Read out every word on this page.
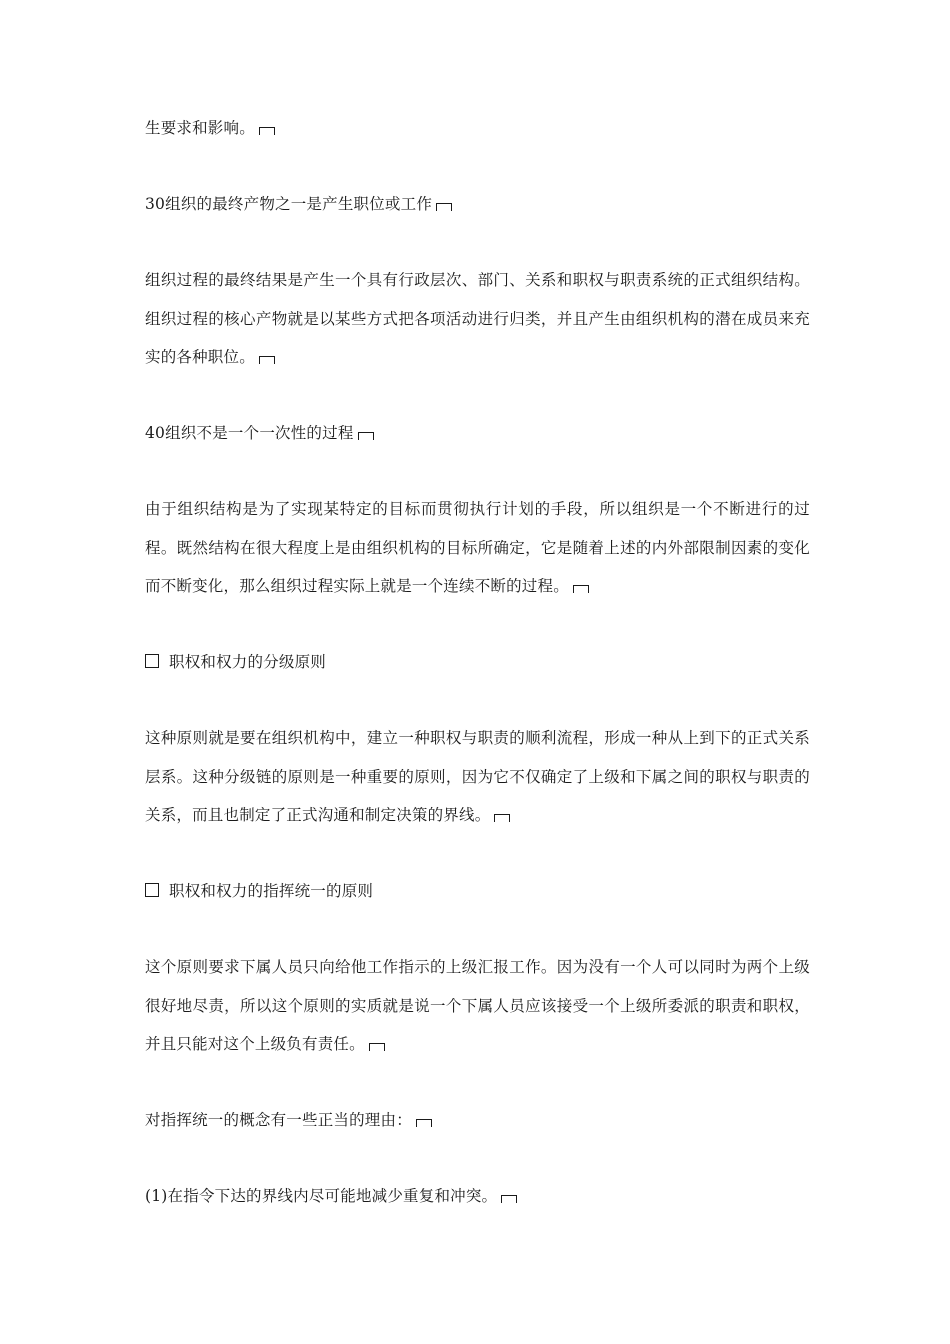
生要求和影响。

30组织的最终产物之一是产生职位或工作

组织过程的最终结果是产生一个具有行政层次、部门、关系和职权与职责系统的正式组织结构。组织过程的核心产物就是以某些方式把各项活动进行归类，并且产生由组织机构的潜在成员来充实的各种职位。

40组织不是一个一次性的过程

由于组织结构是为了实现某特定的目标而贯彻执行计划的手段，所以组织是一个不断进行的过程。既然结构在很大程度上是由组织机构的目标所确定，它是随着上述的内外部限制因素的变化而不断变化，那么组织过程实际上就是一个连续不断的过程。

职权和权力的分级原则

这种原则就是要在组织机构中，建立一种职权与职责的顺利流程，形成一种从上到下的正式关系层系。这种分级链的原则是一种重要的原则，因为它不仅确定了上级和下属之间的职权与职责的关系，而且也制定了正式沟通和制定决策的界线。

职权和权力的指挥统一的原则

这个原则要求下属人员只向给他工作指示的上级汇报工作。因为没有一个人可以同时为两个上级很好地尽责，所以这个原则的实质就是说一个下属人员应该接受一个上级所委派的职责和职权，并且只能对这个上级负有责任。

对指挥统一的概念有一些正当的理由：

(1)在指令下达的界线内尽可能地减少重复和冲突。
